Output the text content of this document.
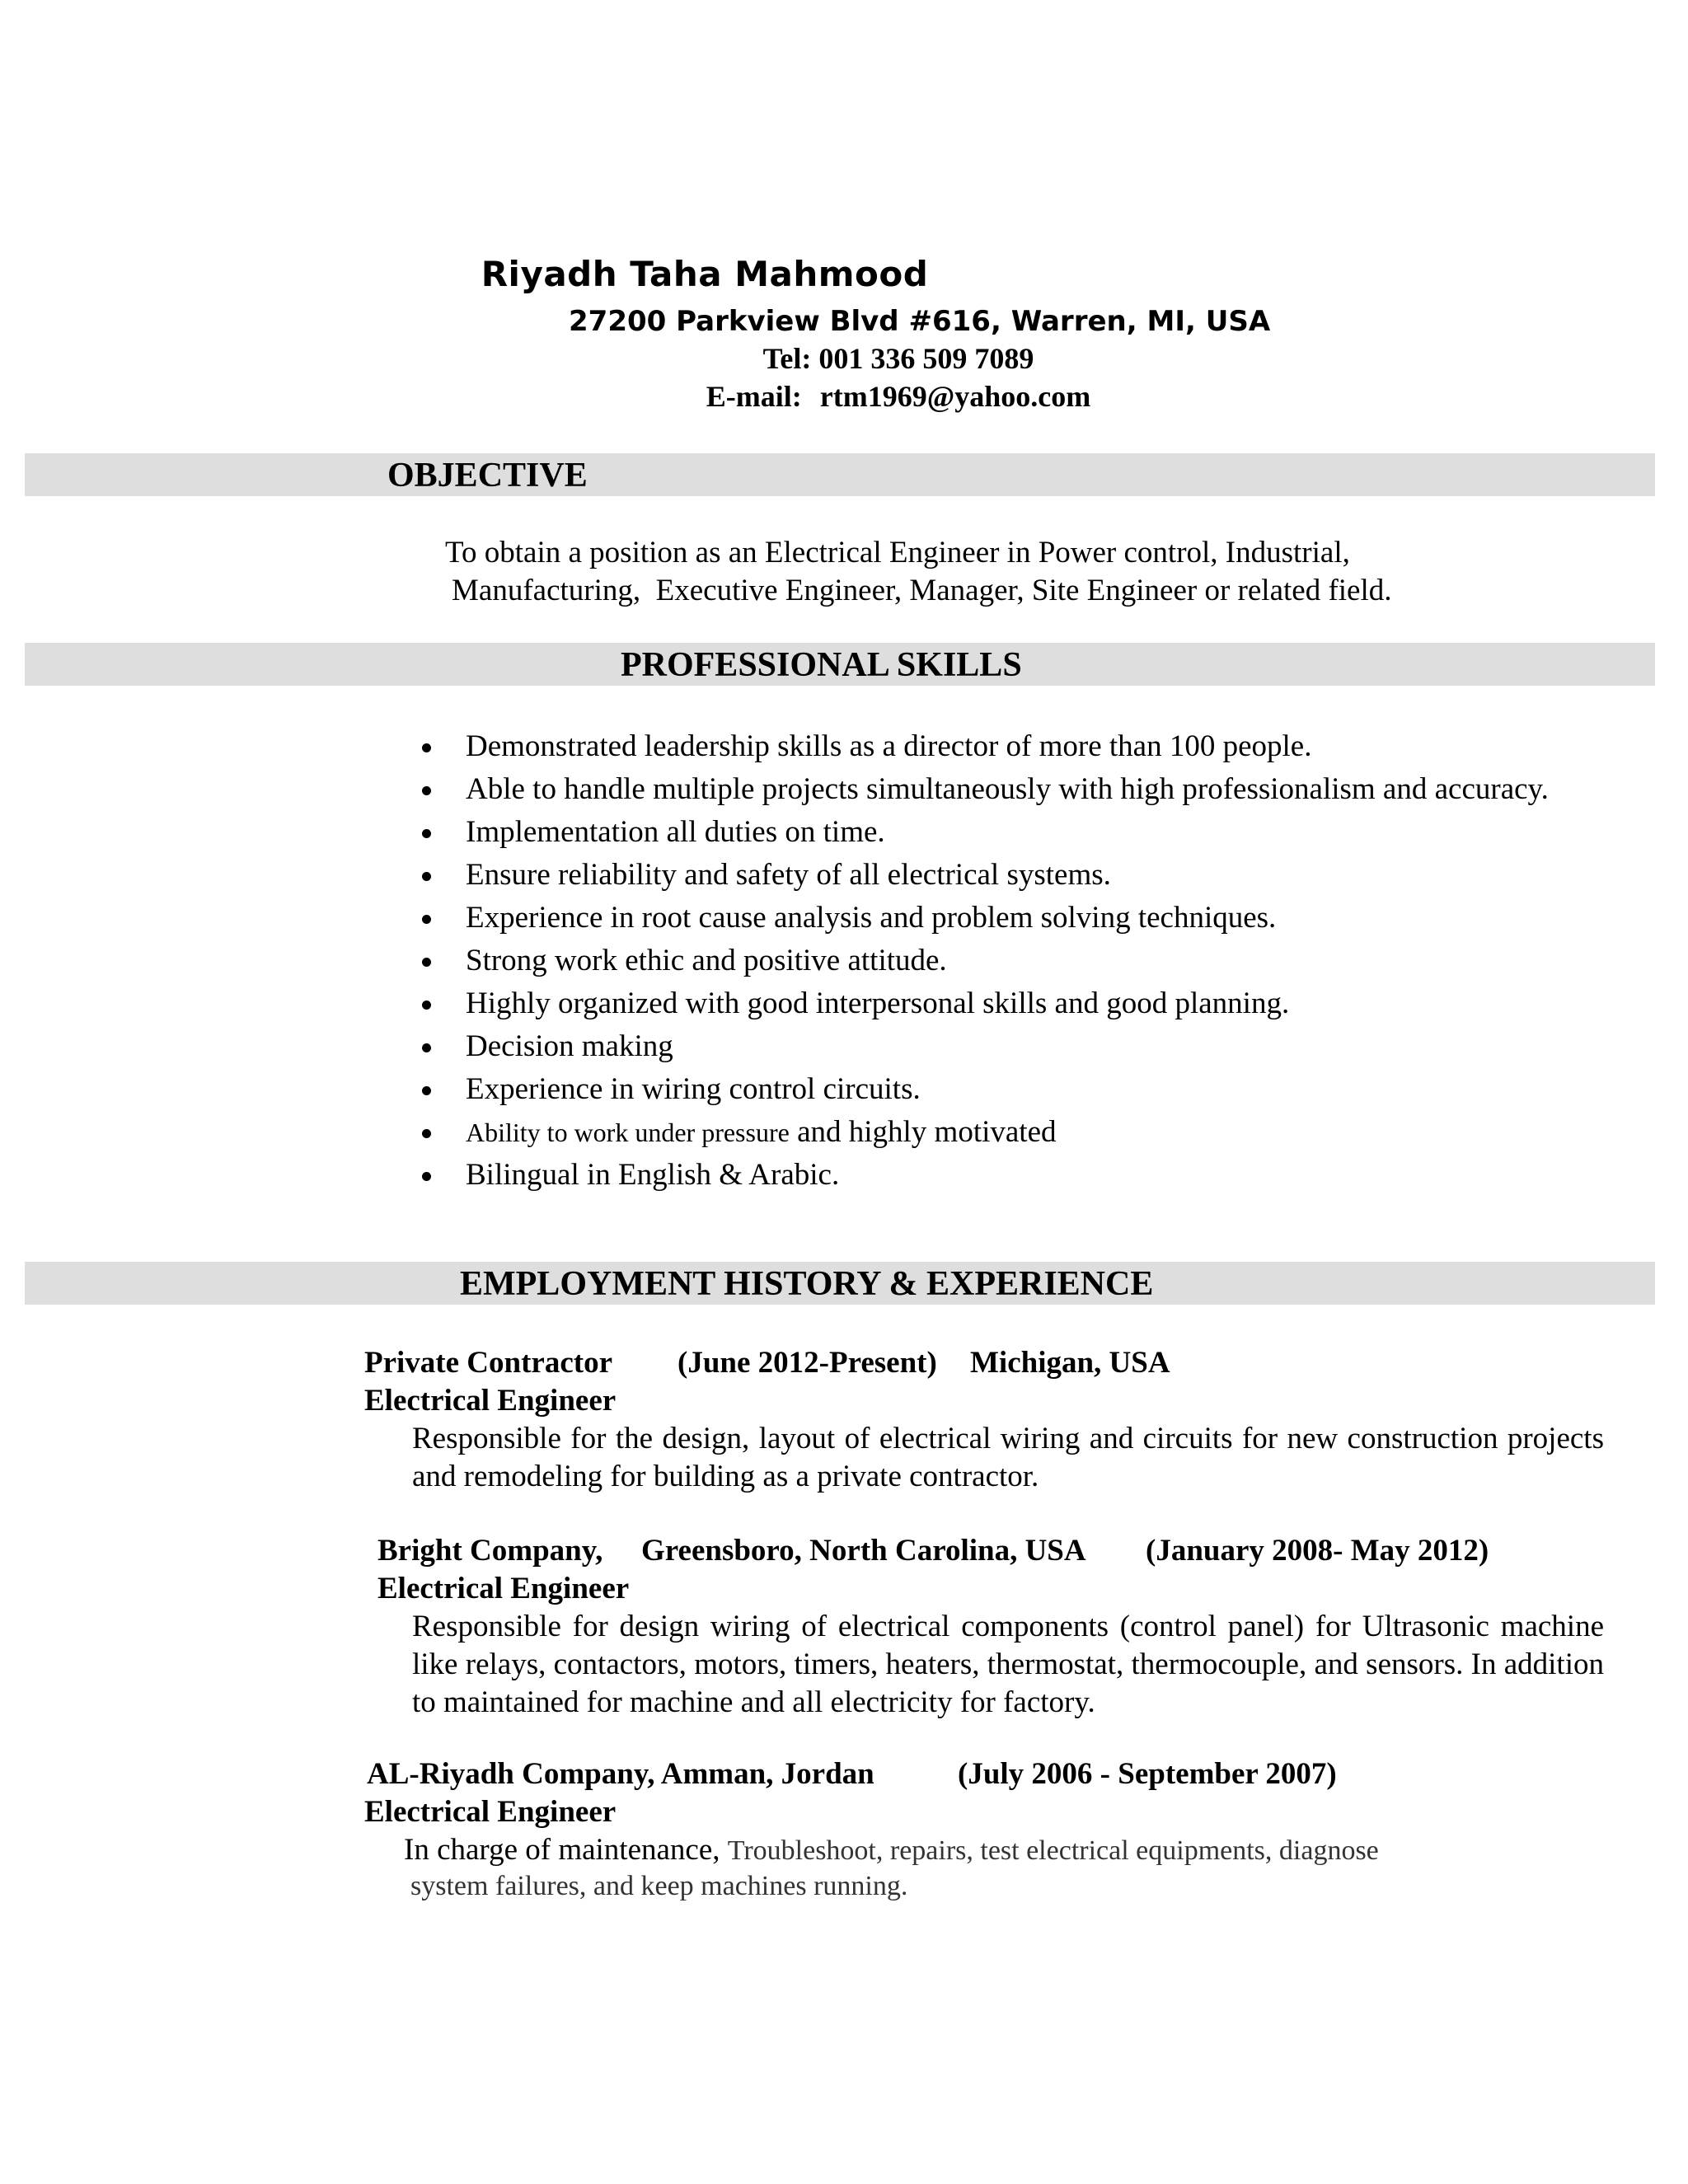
Riyadh Taha Mahmood
27200 Parkview Blvd #616, Warren, MI, USA
Tel: 001 336 509 7089
E-mail: rtm1969@yahoo.com
OBJECTIVE
To obtain a position as an Electrical Engineer in Power control, Industrial,
Manufacturing,  Executive Engineer, Manager, Site Engineer or related field.
PROFESSIONAL SKILLS
Demonstrated leadership skills as a director of more than 100 people.
Able to handle multiple projects simultaneously with high professionalism and accuracy.
Implementation all duties on time.
Ensure reliability and safety of all electrical systems.
Experience in root cause analysis and problem solving techniques.
Strong work ethic and positive attitude.
Highly organized with good interpersonal skills and good planning.
Decision making
Experience in wiring control circuits.
Ability to work under pressure and highly motivated
Bilingual in English & Arabic.
EMPLOYMENT HISTORY & EXPERIENCE
Private Contractor (June 2012-Present) Michigan, USA
Electrical Engineer
Responsible for the design, layout of electrical wiring and circuits for new construction projects and remodeling for building as a private contractor.
Bright Company, Greensboro, North Carolina, USA (January 2008- May 2012)
Electrical Engineer
Responsible for design wiring of electrical components (control panel) for Ultrasonic machine like relays, contactors, motors, timers, heaters, thermostat, thermocouple, and sensors. In addition to maintained for machine and all electricity for factory.
AL-Riyadh Company, Amman, Jordan	(July 2006 - September 2007)
Electrical Engineer
In charge of maintenance, Troubleshoot, repairs, test electrical equipments, diagnose
system failures, and keep machines running.
